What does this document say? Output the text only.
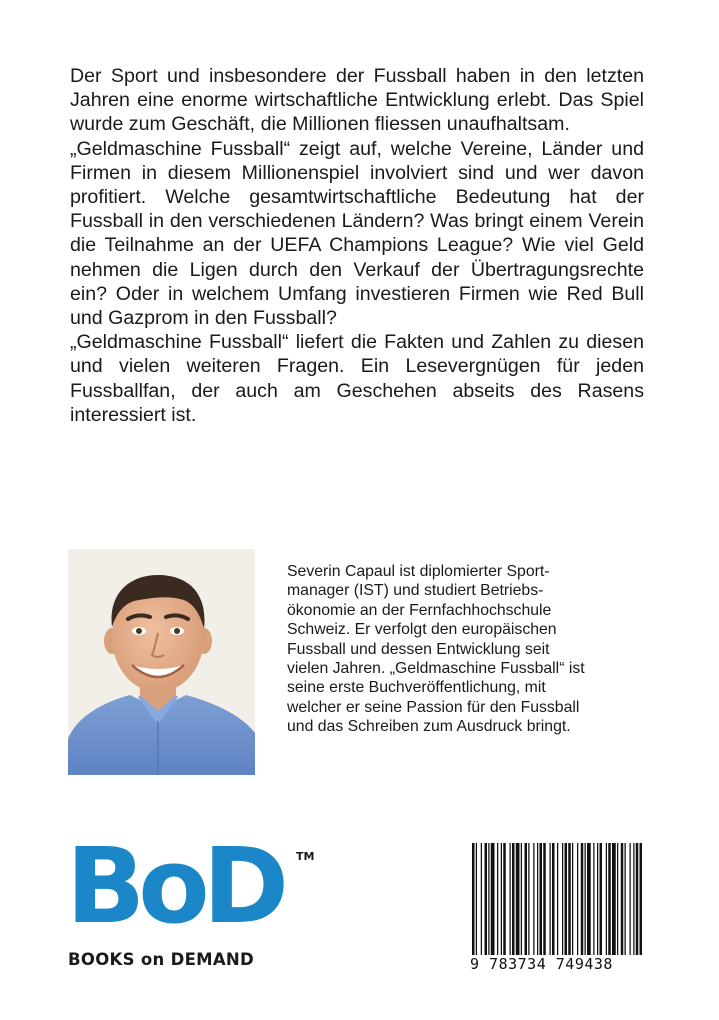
Der Sport und insbesondere der Fussball haben in den letzten Jahren eine enorme wirtschaftliche Entwicklung erlebt. Das Spiel wurde zum Geschäft, die Millionen fliessen unaufhaltsam.

„Geldmaschine Fussball“ zeigt auf, welche Vereine, Länder und Firmen in diesem Millionenspiel involviert sind und wer davon profitiert. Welche gesamtwirtschaftliche Bedeutung hat der Fussball in den verschiedenen Ländern? Was bringt einem Verein die Teilnahme an der UEFA Champions League? Wie viel Geld nehmen die Ligen durch den Verkauf der Übertragungsrechte ein? Oder in welchem Umfang investieren Firmen wie Red Bull und Gazprom in den Fussball?

„Geldmaschine Fussball“ liefert die Fakten und Zahlen zu diesen und vielen weiteren Fragen. Ein Lesevergnügen für jeden Fussballfan, der auch am Geschehen abseits des Rasens interessiert ist.

Severin Capaul ist diplomierter Sport-
manager (IST) und studiert Betriebs-
ökonomie an der Fernfachhochschule
Schweiz. Er verfolgt den europäischen
Fussball und dessen Entwicklung seit
vielen Jahren. „Geldmaschine Fussball“ ist
seine erste Buchveröffentlichung, mit
welcher er seine Passion für den Fussball
und das Schreiben zum Ausdruck bringt.
BoD TM
BOOKS on DEMAND	9 783734 749438
